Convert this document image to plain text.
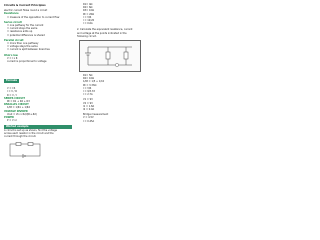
Circuits & Current Principles
electric current flows round a circuit
Resistance
= measure of the opposition to current flow
Series circuit
= one pathway for the current
= current stays the same
= resistance adds up
= potential difference is shared
Parallel circuit
= more than one pathway
= voltage stays the same
= current is split between branches
Ohm's law
V = I x R
current is proportional to voltage
Formula
V = I R
I = V / R
R = V / I
SERIES CIRCUIT
Rt = R1 + R2 + R3
PARALLEL CIRCUIT
1/Rt = 1/R1 + 1/R2
VOLTAGE DIVIDER
Vout = Vin x R2/(R1+R2)
POWER
P = V x I
Worked example
A circuit is set up as shown, find the voltage
across each resistor in the circuit and the
current through the circuit.
R1= 4Ω
R2= 6Ω
R3= 10Ω
Rt = 20Ω
I = V/R
I = 12/20
I = 0.6A
2. Calculate the equivalent resistance, current
and voltage at the points indicated in the
following circuit.
R1= 5Ω
R2= 10Ω
1/Rt = 1/5 + 1/10
Rt = 3.33Ω
I = V/R
I = 9/3.33
I = 2.7A
V1 = 9V
V2 = 9V
I1 = 1.8A
I2 = 0.9A
Bridge measurement
V = 4.5V
I = 0.45A
